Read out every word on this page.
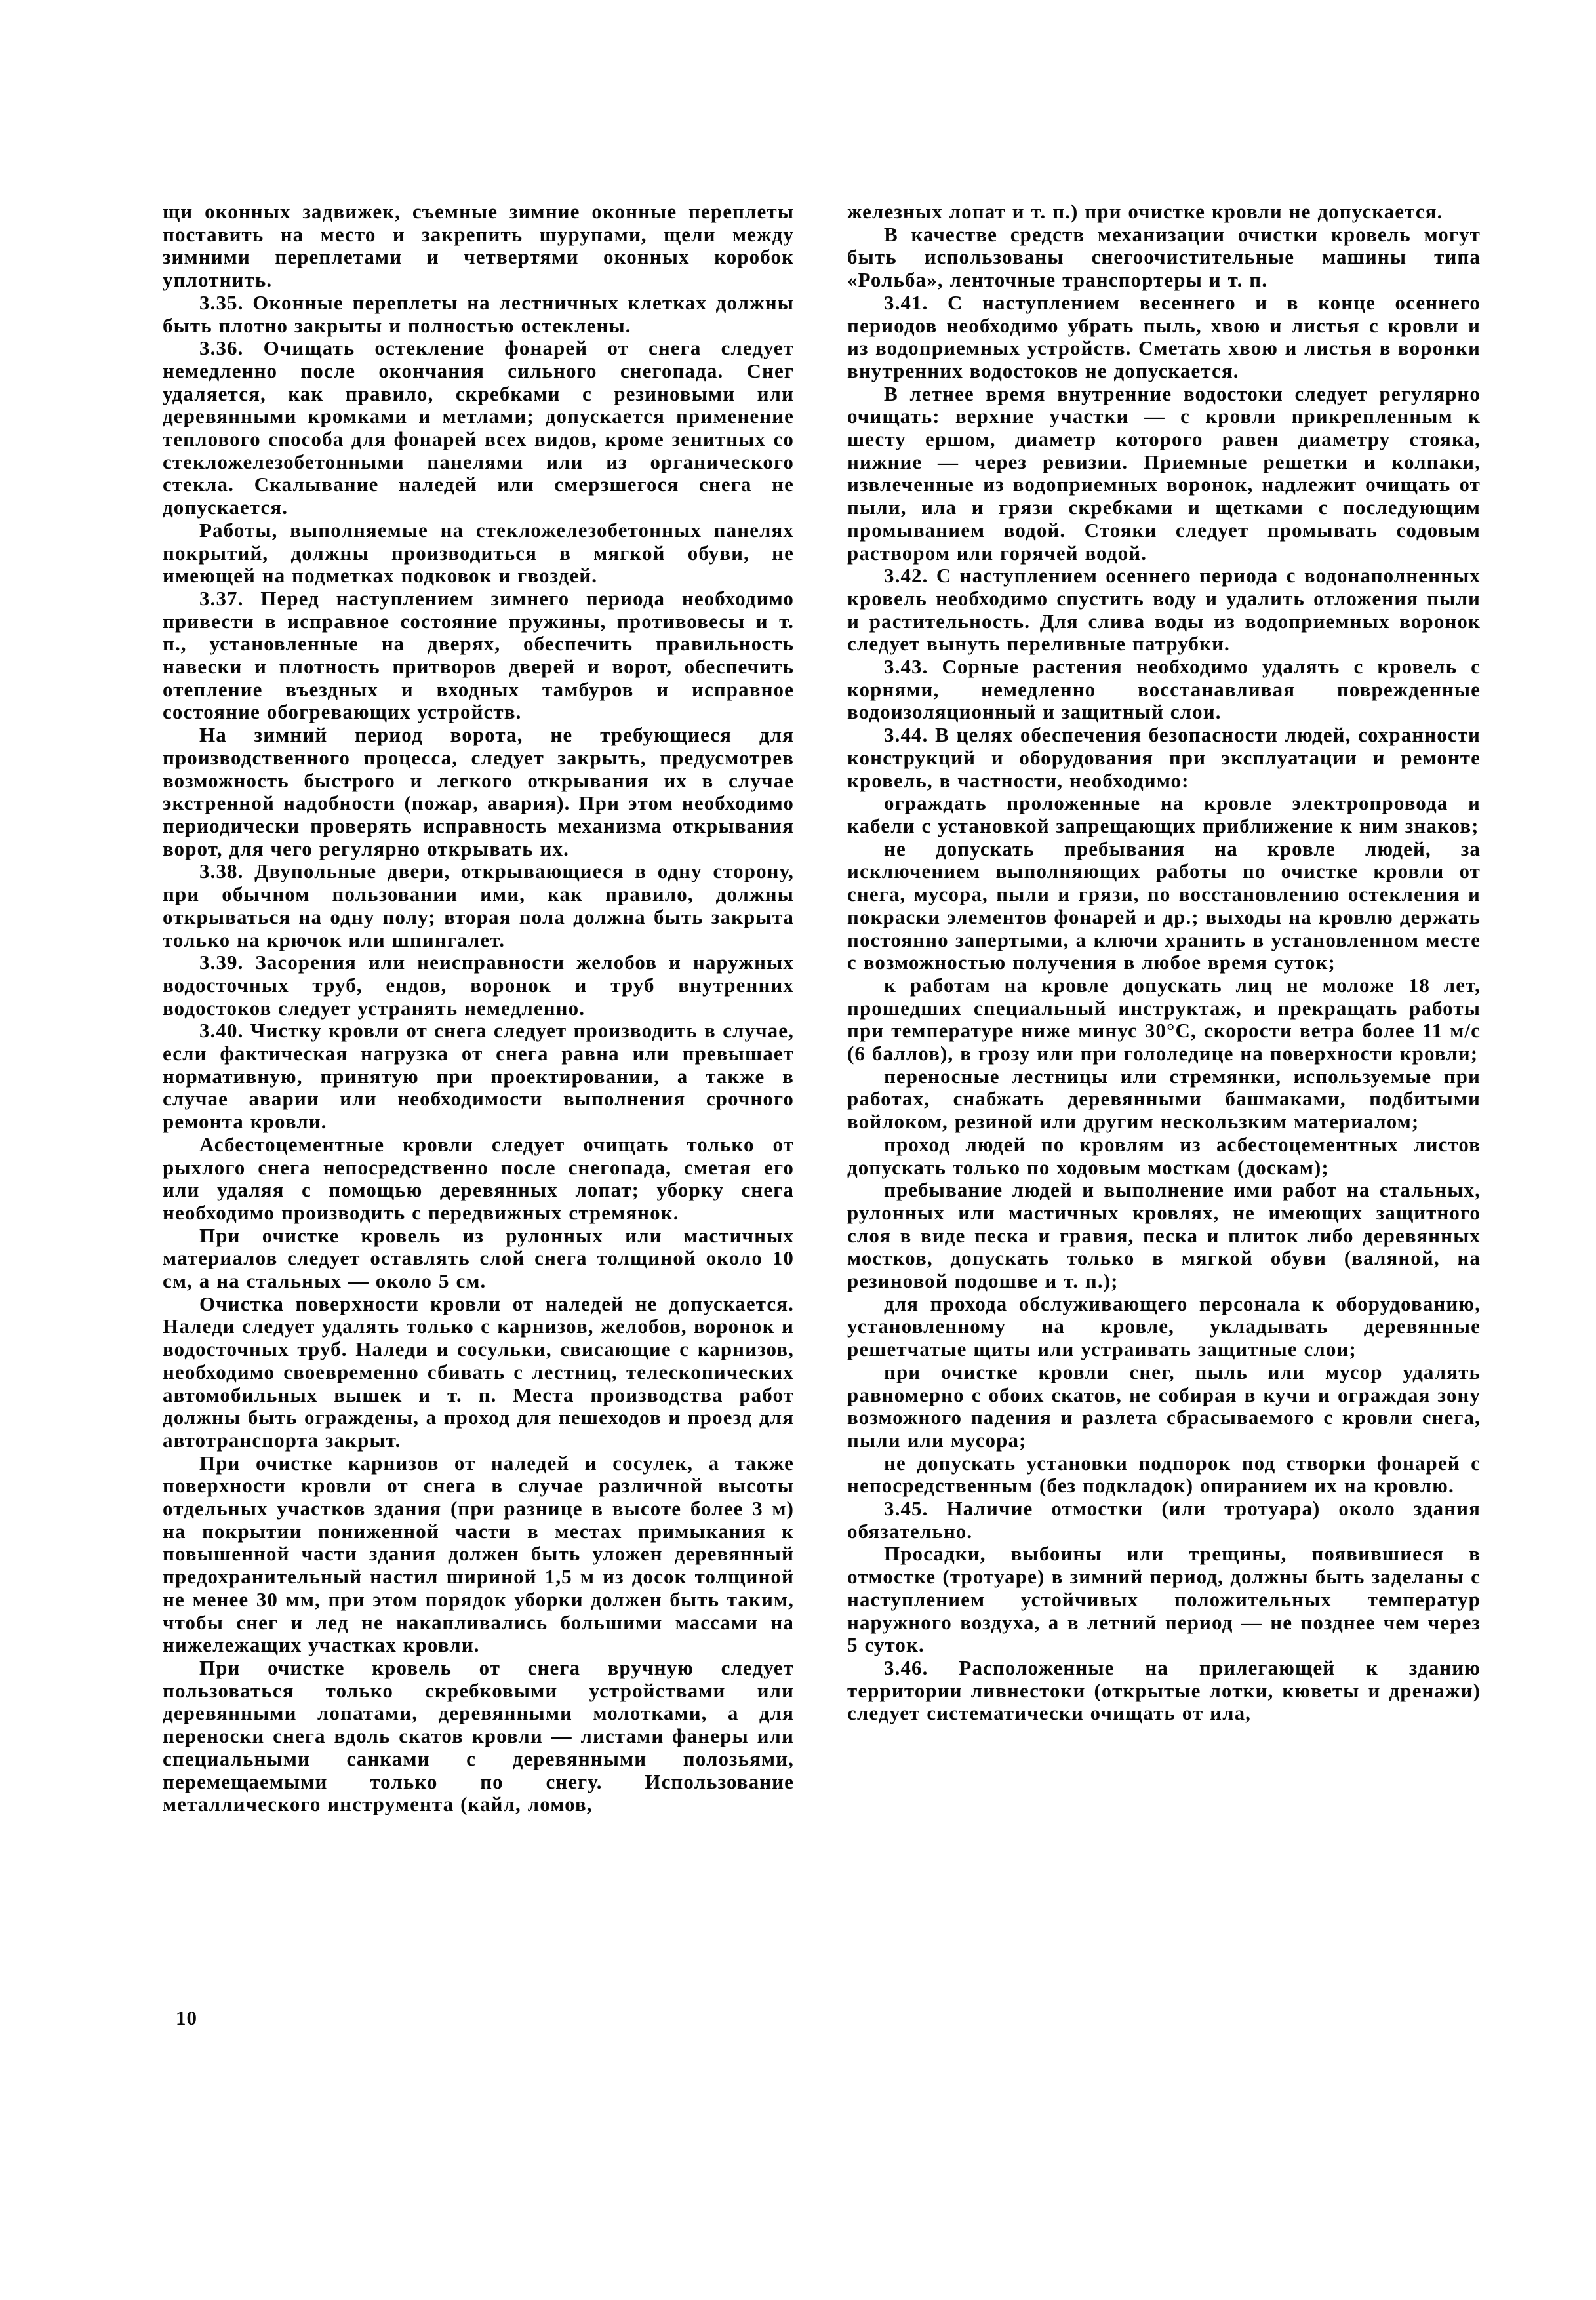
щи оконных задвижек, съемные зимние оконные переплеты поставить на место и закрепить шурупами, щели между зимними переплетами и четвертями оконных коробок уплотнить.

3.35. Оконные переплеты на лестничных клетках должны быть плотно закрыты и полностью остеклены.

3.36. Очищать остекление фонарей от снега следует немедленно после окончания сильного снегопада. Снег удаляется, как правило, скребками с резиновыми или деревянными кромками и метлами; допускается применение теплового способа для фонарей всех видов, кроме зенитных со стекложелезобетонными панелями или из органического стекла. Скалывание наледей или смерзшегося снега не допускается.

Работы, выполняемые на стекложелезобетонных панелях покрытий, должны производиться в мягкой обуви, не имеющей на подметках подковок и гвоздей.

3.37. Перед наступлением зимнего периода необходимо привести в исправное состояние пружины, противовесы и т. п., установленные на дверях, обеспечить правильность навески и плотность притворов дверей и ворот, обеспечить отепление въездных и входных тамбуров и исправное состояние обогревающих устройств.

На зимний период ворота, не требующиеся для производственного процесса, следует закрыть, предусмотрев возможность быстрого и легкого открывания их в случае экстренной надобности (пожар, авария). При этом необходимо периодически проверять исправность механизма открывания ворот, для чего регулярно открывать их.

3.38. Двупольные двери, открывающиеся в одну сторону, при обычном пользовании ими, как правило, должны открываться на одну полу; вторая пола должна быть закрыта только на крючок или шпингалет.

3.39. Засорения или неисправности желобов и наружных водосточных труб, ендов, воронок и труб внутренних водостоков следует устранять немедленно.

3.40. Чистку кровли от снега следует производить в случае, если фактическая нагрузка от снега равна или превышает нормативную, принятую при проектировании, а также в случае аварии или необходимости выполнения срочного ремонта кровли.

Асбестоцементные кровли следует очищать только от рыхлого снега непосредственно после снегопада, сметая его или удаляя с помощью деревянных лопат; уборку снега необходимо производить с передвижных стремянок.

При очистке кровель из рулонных или мастичных материалов следует оставлять слой снега толщиной около 10 см, а на стальных — около 5 см.

Очистка поверхности кровли от наледей не допускается. Наледи следует удалять только с карнизов, желобов, воронок и водосточных труб. Наледи и сосульки, свисающие с карнизов, необходимо своевременно сбивать с лестниц, телескопических автомобильных вышек и т. п. Места производства работ должны быть ограждены, а проход для пешеходов и проезд для автотранспорта закрыт.

При очистке карнизов от наледей и сосулек, а также поверхности кровли от снега в случае различной высоты отдельных участков здания (при разнице в высоте более 3 м) на покрытии пониженной части в местах примыкания к повышенной части здания должен быть уложен деревянный предохранительный настил шириной 1,5 м из досок толщиной не менее 30 мм, при этом порядок уборки должен быть таким, чтобы снег и лед не накапливались большими массами на нижележащих участках кровли.

При очистке кровель от снега вручную следует пользоваться только скребковыми устройствами или деревянными лопатами, деревянными молотками, а для переноски снега вдоль скатов кровли — листами фанеры или специальными санками с деревянными полозьями, перемещаемыми только по снегу. Использование металлического инструмента (кайл, ломов,

железных лопат и т. п.) при очистке кровли не допускается.

В качестве средств механизации очистки кровель могут быть использованы снегоочистительные машины типа «Рольба», ленточные транспортеры и т. п.

3.41. С наступлением весеннего и в конце осеннего периодов необходимо убрать пыль, хвою и листья с кровли и из водоприемных устройств. Сметать хвою и листья в воронки внутренних водостоков не допускается.

В летнее время внутренние водостоки следует регулярно очищать: верхние участки — с кровли прикрепленным к шесту ершом, диаметр которого равен диаметру стояка, нижние — через ревизии. Приемные решетки и колпаки, извлеченные из водоприемных воронок, надлежит очищать от пыли, ила и грязи скребками и щетками с последующим промыванием водой. Стояки следует промывать содовым раствором или горячей водой.

3.42. С наступлением осеннего периода с водонаполненных кровель необходимо спустить воду и удалить отложения пыли и растительность. Для слива воды из водоприемных воронок следует вынуть переливные патрубки.

3.43. Сорные растения необходимо удалять с кровель с корнями, немедленно восстанавливая поврежденные водоизоляционный и защитный слои.

3.44. В целях обеспечения безопасности людей, сохранности конструкций и оборудования при эксплуатации и ремонте кровель, в частности, необходимо:

ограждать проложенные на кровле электропровода и кабели с установкой запрещающих приближение к ним знаков;

не допускать пребывания на кровле людей, за исключением выполняющих работы по очистке кровли от снега, мусора, пыли и грязи, по восстановлению остекления и покраски элементов фонарей и др.; выходы на кровлю держать постоянно запертыми, а ключи хранить в установленном месте с возможностью получения в любое время суток;

к работам на кровле допускать лиц не моложе 18 лет, прошедших специальный инструктаж, и прекращать работы при температуре ниже минус 30°С, скорости ветра более 11 м/с (6 баллов), в грозу или при гололедице на поверхности кровли;

переносные лестницы или стремянки, используемые при работах, снабжать деревянными башмаками, подбитыми войлоком, резиной или другим нескользким материалом;

проход людей по кровлям из асбестоцементных листов допускать только по ходовым мосткам (доскам);

пребывание людей и выполнение ими работ на стальных, рулонных или мастичных кровлях, не имеющих защитного слоя в виде песка и гравия, песка и плиток либо деревянных мостков, допускать только в мягкой обуви (валяной, на резиновой подошве и т. п.);

для прохода обслуживающего персонала к оборудованию, установленному на кровле, укладывать деревянные решетчатые щиты или устраивать защитные слои;

при очистке кровли снег, пыль или мусор удалять равномерно с обоих скатов, не собирая в кучи и ограждая зону возможного падения и разлета сбрасываемого с кровли снега, пыли или мусора;

не допускать установки подпорок под створки фонарей с непосредственным (без подкладок) опиранием их на кровлю.

3.45. Наличие отмостки (или тротуара) около здания обязательно.

Просадки, выбоины или трещины, появившиеся в отмостке (тротуаре) в зимний период, должны быть заделаны с наступлением устойчивых положительных температур наружного воздуха, а в летний период — не позднее чем через 5 суток.

3.46. Расположенные на прилегающей к зданию территории ливнестоки (открытые лотки, кюветы и дренажи) следует систематически очищать от ила,

10
